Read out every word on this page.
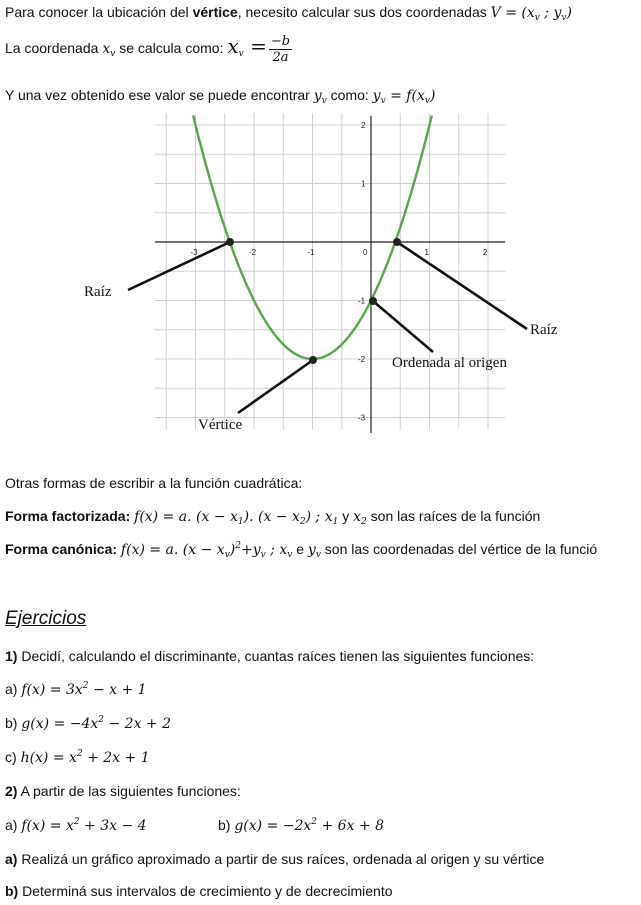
Para conocer la ubicación del vértice, necesito calcular sus dos coordenadas $V = (x_v$ ; $y_v$)
La coordenada $x_v$ se calcula como: $x_v = \frac{-b}{2a}$
Y una vez obtenido ese valor se puede encontrar $y_v$ como: $y_v = f(x_v)$
-3	-2	-1	0	1	2
2
1
-1
-2
-3
Raíz
Raíz
Ordenada al origen
Vértice
Otras formas de escribir a la función cuadrática:
Forma factorizada: f(x) = a. $(x - x_1)$. $(x - x_2)$ ; $x_1$ y $x_2$ son las raíces de la función
Forma canónica: f(x) = a. $(x - x_v)^2+y_v$ ; $x_v$ e $y_v$ son las coordenadas del vértice de la funció
Ejercicios
1) Decidí, calculando el discriminante, cuantas raíces tienen las siguientes funciones:
a) $f(x) = 3x^2 - x + 1$
b) $g(x) = -4x^2 - 2x + 2$
c) $h(x) = x^2 + 2x + 1$
2) A partir de las siguientes funciones:
a) $f(x) = x^2 + 3x - 4$	b) $g(x) = -2x^2 + 6x + 8$
a) Realizá un gráfico aproximado a partir de sus raíces, ordenada al origen y su vértice
b) Determiná sus intervalos de crecimiento y de decrecimiento
